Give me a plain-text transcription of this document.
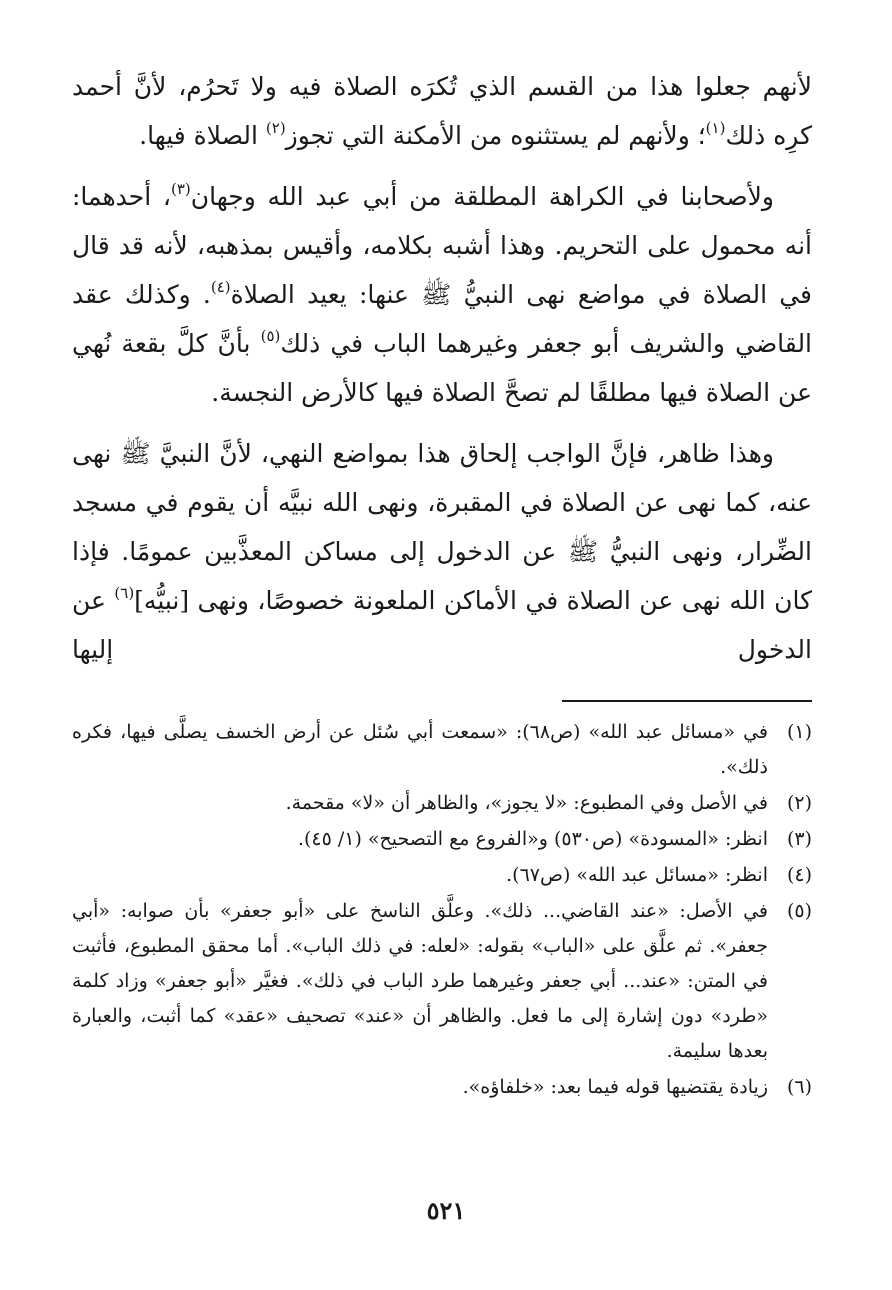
لأنهم جعلوا هذا من القسم الذي تُكرَه الصلاة فيه ولا تَحرُم، لأنَّ أحمد كرِه ذلك$^{(١)}$؛ ولأنهم لم يستثنوه من الأمكنة التي تجوز$^{(٢)}$ الصلاة فيها.

ولأصحابنا في الكراهة المطلقة من أبي عبد الله وجهان$^{(٣)}$، أحدهما: أنه محمول على التحريم. وهذا أشبه بكلامه، وأقيس بمذهبه، لأنه قد قال في الصلاة في مواضع نهى النبيُّ ﷺ عنها: يعيد الصلاة$^{(٤)}$. وكذلك عقد القاضي والشريف أبو جعفر وغيرهما الباب في ذلك$^{(٥)}$ بأنَّ كلَّ بقعة نُهي عن الصلاة فيها مطلقًا لم تصحَّ الصلاة فيها كالأرض النجسة.

وهذا ظاهر، فإنَّ الواجب إلحاق هذا بمواضع النهي، لأنَّ النبيَّ ﷺ نهى عنه، كما نهى عن الصلاة في المقبرة، ونهى الله نبيَّه أن يقوم في مسجد الضِّرار، ونهى النبيُّ ﷺ عن الدخول إلى مساكن المعذَّبين عمومًا. فإذا كان الله نهى عن الصلاة في الأماكن الملعونة خصوصًا، ونهى [نبيُّه]$^{(٦)}$ عن الدخول إليها

(١)
في «مسائل عبد الله» (ص٦٨): «سمعت أبي سُئل عن أرض الخسف يصلَّى فيها، فكره ذلك».
(٢)
في الأصل وفي المطبوع: «لا يجوز»، والظاهر أن «لا» مقحمة.
(٣)
انظر: «المسودة» (ص٥٣٠) و«الفروع مع التصحيح» (١/ ٤٥).
(٤)
انظر: «مسائل عبد الله» (ص٦٧).
(٥)
في الأصل: «عند القاضي... ذلك». وعلَّق الناسخ على «أبو جعفر» بأن صوابه: «أبي جعفر». ثم علَّق على «الباب» بقوله: «لعله: في ذلك الباب». أما محقق المطبوع، فأثبت في المتن: «عند... أبي جعفر وغيرهما طرد الباب في ذلك». فغيَّر «أبو جعفر» وزاد كلمة «طرد» دون إشارة إلى ما فعل. والظاهر أن «عند» تصحيف «عقد» كما أثبت، والعبارة بعدها سليمة.
(٦)
زيادة يقتضيها قوله فيما بعد: «خلفاؤه».
٥٢١
